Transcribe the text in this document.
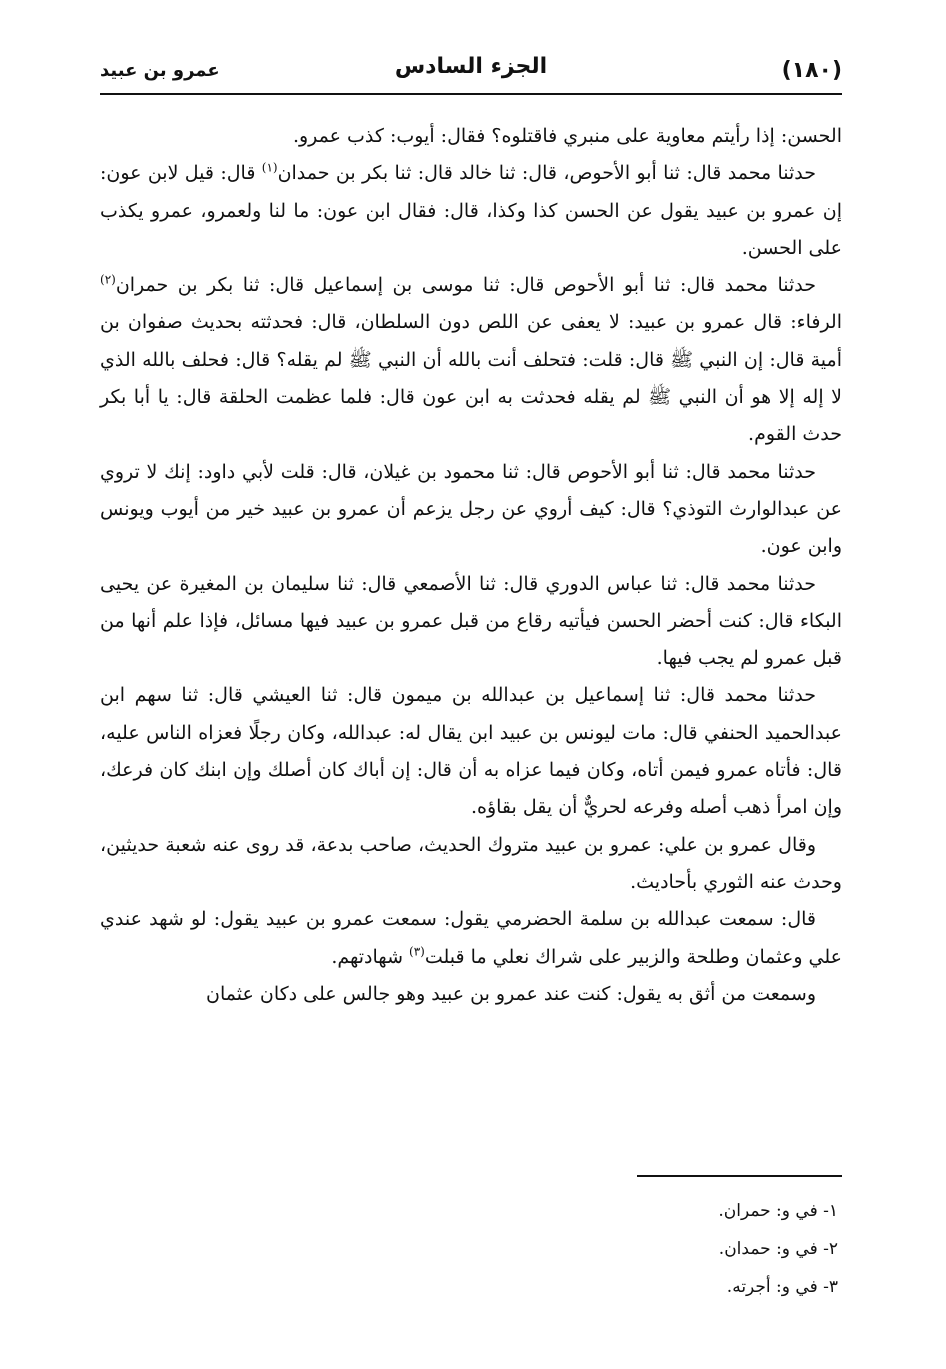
(١٨٠)
الجزء السادس
عمرو بن عبيد

الحسن: إذا رأيتم معاوية على منبري فاقتلوه؟ فقال: أيوب: كذب عمرو.

حدثنا محمد قال: ثنا أبو الأحوص، قال: ثنا خالد قال: ثنا بكر بن حمدان$^{(١)}$ قال: قيل لابن عون: إن عمرو بن عبيد يقول عن الحسن كذا وكذا، قال: فقال ابن عون: ما لنا ولعمرو، عمرو يكذب على الحسن.

حدثنا محمد قال: ثنا أبو الأحوص قال: ثنا موسى بن إسماعيل قال: ثنا بكر بن حمران$^{(٢)}$ الرفاء: قال عمرو بن عبيد: لا يعفى عن اللص دون السلطان، قال: فحدثته بحديث صفوان بن أمية قال: إن النبي ﷺ قال: قلت: فتحلف أنت بالله أن النبي ﷺ لم يقله؟ قال: فحلف بالله الذي لا إله إلا هو أن النبي ﷺ لم يقله فحدثت به ابن عون قال: فلما عظمت الحلقة قال: يا أبا بكر حدث القوم.

حدثنا محمد قال: ثنا أبو الأحوص قال: ثنا محمود بن غيلان، قال: قلت لأبي داود: إنك لا تروي عن عبدالوارث التوذي؟ قال: كيف أروي عن رجل يزعم أن عمرو بن عبيد خير من أيوب ويونس وابن عون.

حدثنا محمد قال: ثنا عباس الدوري قال: ثنا الأصمعي قال: ثنا سليمان بن المغيرة عن يحيى البكاء قال: كنت أحضر الحسن فيأتيه رقاع من قبل عمرو بن عبيد فيها مسائل، فإذا علم أنها من قبل عمرو لم يجب فيها.

حدثنا محمد قال: ثنا إسماعيل بن عبدالله بن ميمون قال: ثنا العيشي قال: ثنا سهم ابن عبدالحميد الحنفي قال: مات ليونس بن عبيد ابن يقال له: عبدالله، وكان رجلًا فعزاه الناس عليه، قال: فأتاه عمرو فيمن أتاه، وكان فيما عزاه به أن قال: إن أباك كان أصلك وإن ابنك كان فرعك، وإن امرأ ذهب أصله وفرعه لحريٌّ أن يقل بقاؤه.

وقال عمرو بن علي: عمرو بن عبيد متروك الحديث، صاحب بدعة، قد روى عنه شعبة حديثين، وحدث عنه الثوري بأحاديث.

قال: سمعت عبدالله بن سلمة الحضرمي يقول: سمعت عمرو بن عبيد يقول: لو شهد عندي علي وعثمان وطلحة والزبير على شراك نعلي ما قبلت$^{(٣)}$ شهادتهم.

وسمعت من أثق به يقول: كنت عند عمرو بن عبيد وهو جالس على دكان عثمان

١- في و: حمران.
٢- في و: حمدان.
٣- في و: أجرته.
